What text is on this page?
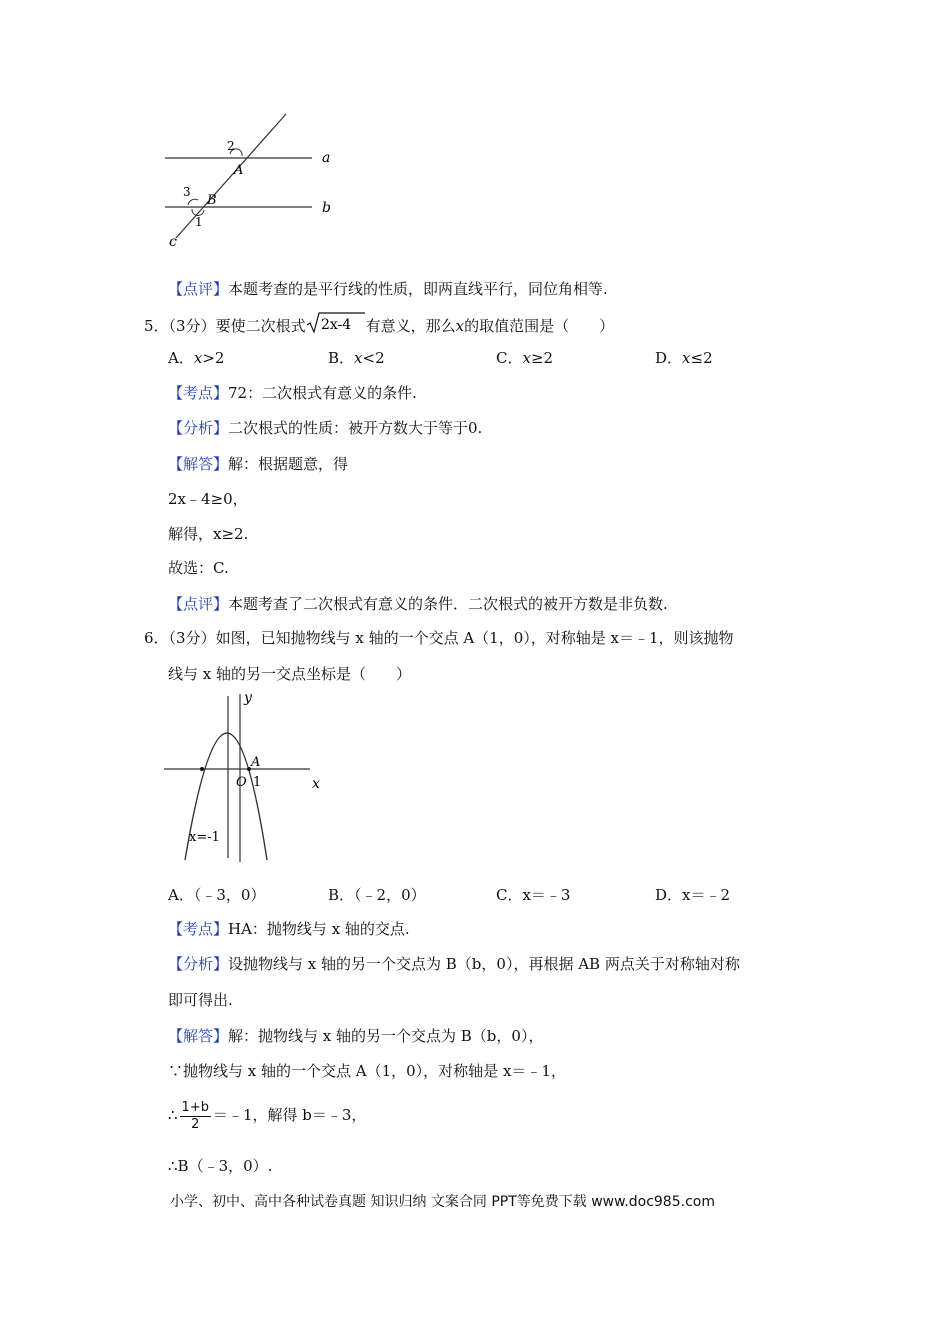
a
b
c
A
B
1
2
3
【点评】本题考查的是平行线的性质，即两直线平行，同位角相等.
5．（3分）要使二次根式 2x-4 有意义，那么x的取值范围是（　　）
A．x>2	B．x<2	C．x≥2	D．x≤2
【考点】72：二次根式有意义的条件.
【分析】二次根式的性质：被开方数大于等于0.
【解答】解：根据题意，得
2x﹣4≥0，
解得，x≥2.
故选：C.
【点评】本题考查了二次根式有意义的条件．二次根式的被开方数是非负数.
6．（3分）如图，已知抛物线与 x 轴的一个交点 A（1，0），对称轴是 x＝﹣1，则该抛物
线与 x 轴的另一交点坐标是（　　）
y
x
O
A
1
x=-1
A．（﹣3，0）	B．（﹣2，0）	C．x＝﹣3	D．x＝﹣2
【考点】HA：抛物线与 x 轴的交点.
【分析】设抛物线与 x 轴的另一个交点为 B（b，0），再根据 AB 两点关于对称轴对称
即可得出.
【解答】解：抛物线与 x 轴的另一个交点为 B（b，0），
∵抛物线与 x 轴的一个交点 A（1，0），对称轴是 x＝﹣1，
∴ $\frac{1+b}{2}$ ＝﹣1，解得 b＝﹣3，
∴B（﹣3，0）.
小学、初中、高中各种试卷真题 知识归纳 文案合同 PPT等免费下载 www.doc985.com
